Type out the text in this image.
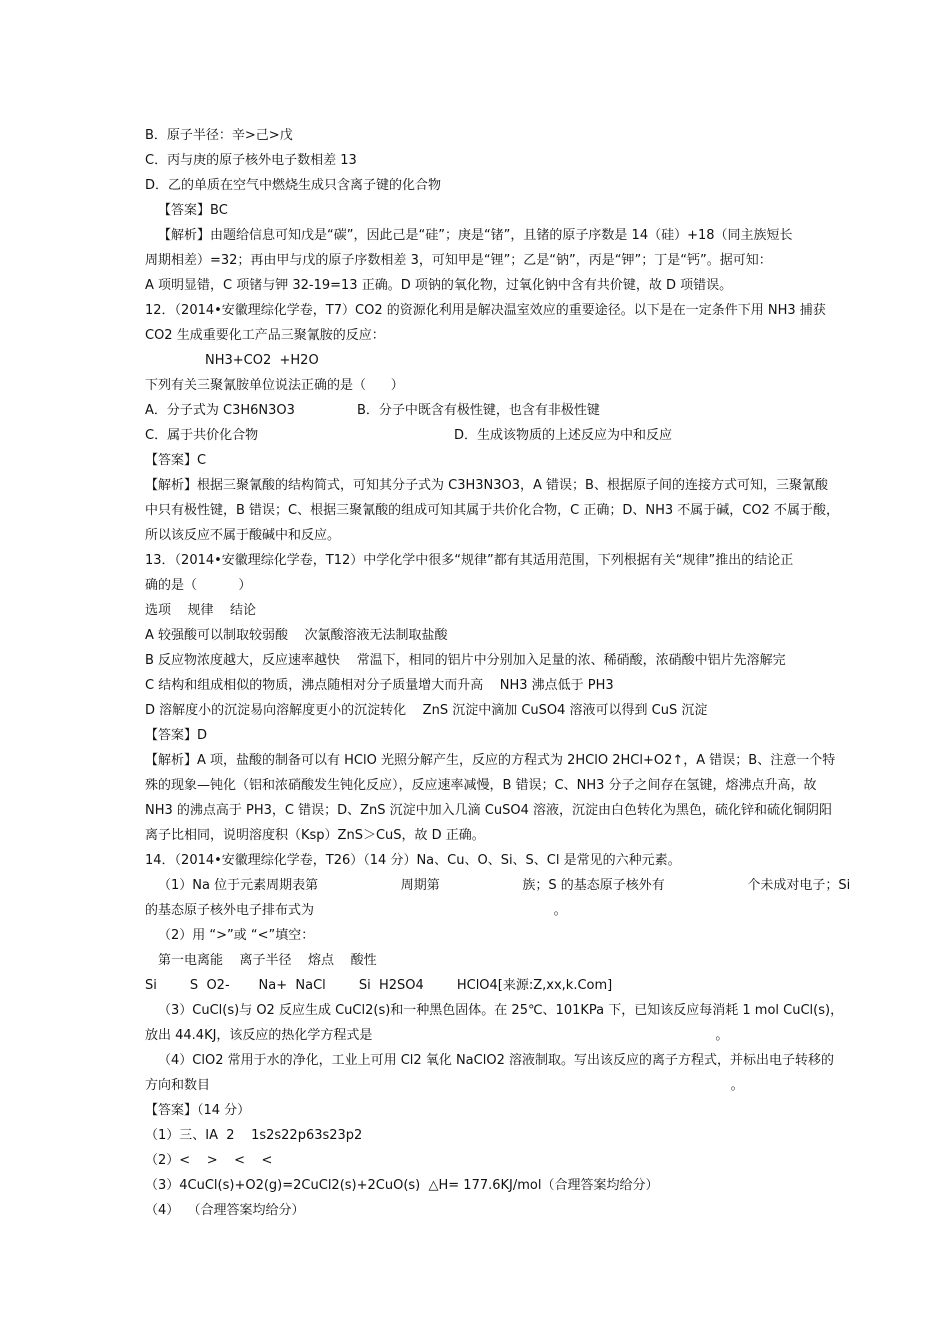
B．原子半径：辛>己>戊
C．丙与庚的原子核外电子数相差 13
D．乙的单质在空气中燃烧生成只含离子键的化合物
【答案】BC
【解析】由题给信息可知戊是“碳”，因此己是“硅”；庚是“锗”，且锗的原子序数是 14（硅）+18（同主族短长
周期相差）=32；再由甲与戊的原子序数相差 3，可知甲是“锂”；乙是“钠”，丙是“钾”；丁是“钙”。据可知：
A 项明显错，C 项锗与钾 32-19=13 正确。D 项钠的氧化物，过氧化钠中含有共价键，故 D 项错误。
12．（2014•安徽理综化学卷，T7）CO2 的资源化利用是解决温室效应的重要途径。以下是在一定条件下用 NH3 捕获
CO2 生成重要化工产品三聚氰胺的反应：
NH3+CO2  +H2O
下列有关三聚氰胺单位说法正确的是（      ）
A．分子式为 C3H6N3O3	B．分子中既含有极性键，也含有非极性键
C．属于共价化合物	D．生成该物质的上述反应为中和反应
【答案】C
【解析】根据三聚氰酸的结构简式，可知其分子式为 C3H3N3O3，A 错误；B、根据原子间的连接方式可知，三聚氰酸
中只有极性键，B 错误；C、根据三聚氰酸的组成可知其属于共价化合物，C 正确；D、NH3 不属于碱，CO2 不属于酸，
所以该反应不属于酸碱中和反应。
13．（2014•安徽理综化学卷，T12）中学化学中很多“规律”都有其适用范围，下列根据有关“规律”推出的结论正
确的是（          ）
选项    规律    结论
A 较强酸可以制取较弱酸    次氯酸溶液无法制取盐酸
B 反应物浓度越大，反应速率越快    常温下，相同的铝片中分别加入足量的浓、稀硝酸，浓硝酸中铝片先溶解完
C 结构和组成相似的物质，沸点随相对分子质量增大而升高    NH3 沸点低于 PH3
D 溶解度小的沉淀易向溶解度更小的沉淀转化    ZnS 沉淀中滴加 CuSO4 溶液可以得到 CuS 沉淀
【答案】D
【解析】A 项，盐酸的制备可以有 HClO 光照分解产生，反应的方程式为 2HClO 2HCl+O2↑，A 错误；B、注意一个特
殊的现象—钝化（铝和浓硝酸发生钝化反应），反应速率减慢，B 错误；C、NH3 分子之间存在氢键，熔沸点升高，故
NH3 的沸点高于 PH3，C 错误；D、ZnS 沉淀中加入几滴 CuSO4 溶液，沉淀由白色转化为黑色，硫化锌和硫化铜阴阳
离子比相同，说明溶度积（Ksp）ZnS＞CuS，故 D 正确。
14．（2014•安徽理综化学卷，T26）（14 分）Na、Cu、O、Si、S、Cl 是常见的六种元素。
（1）Na 位于元素周期表第                    周期第                    族；S 的基态原子核外有                    个未成对电子；Si
的基态原子核外电子排布式为                                                          。
（2）用 “>”或 “<”填空：
第一电离能    离子半径    熔点    酸性
Si        S  O2-       Na+  NaCl        Si  H2SO4        HClO4[来源:Z,xx,k.Com]
（3）CuCl(s)与 O2 反应生成 CuCl2(s)和一种黑色固体。在 25℃、101KPa 下，已知该反应每消耗 1 mol CuCl(s)，
放出 44.4KJ，该反应的热化学方程式是                                                                                   。
（4）ClO2 常用于水的净化，工业上可用 Cl2 氧化 NaClO2 溶液制取。写出该反应的离子方程式，并标出电子转移的
方向和数目                                                                                                                              。
【答案】（14 分）
（1）三、IA  2    1s2s22p63s23p2
（2）<    >    <    <
（3）4CuCl(s)+O2(g)=2CuCl2(s)+2CuO(s)  △H= 177.6KJ/mol（合理答案均给分）
（4）  （合理答案均给分）
